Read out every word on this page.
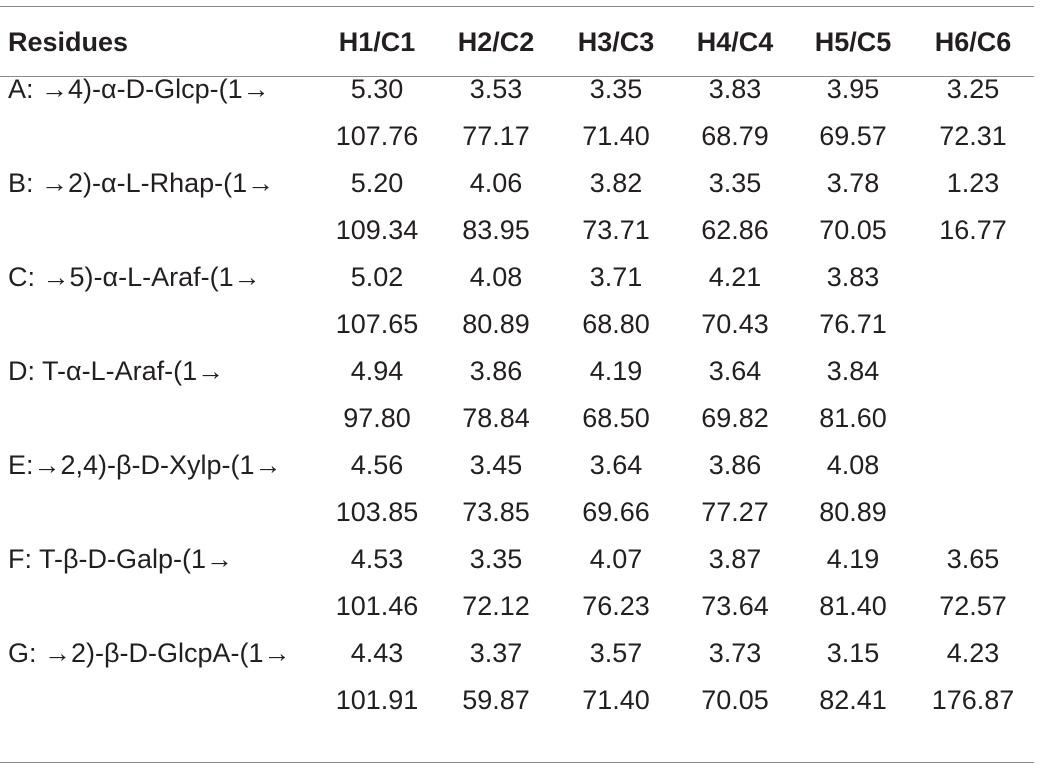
Residues	H1/C1	H2/C2	H3/C3	H4/C4	H5/C5	H6/C6

A: →4)-α-D-Glcp-(1→	5.30	3.53	3.35	3.83	3.95	3.25
	107.76	77.17	71.40	68.79	69.57	72.31
B: →2)-α-L-Rhap-(1→	5.20	4.06	3.82	3.35	3.78	1.23
	109.34	83.95	73.71	62.86	70.05	16.77
C: →5)-α-L-Araf-(1→	5.02	4.08	3.71	4.21	3.83	
	107.65	80.89	68.80	70.43	76.71	
D: T-α-L-Araf-(1→	4.94	3.86	4.19	3.64	3.84	
	97.80	78.84	68.50	69.82	81.60	
E:→2,4)-β-D-Xylp-(1→	4.56	3.45	3.64	3.86	4.08	
	103.85	73.85	69.66	77.27	80.89	
F: T-β-D-Galp-(1→	4.53	3.35	4.07	3.87	4.19	3.65
	101.46	72.12	76.23	73.64	81.40	72.57
G: →2)-β-D-GlcpA-(1→	4.43	3.37	3.57	3.73	3.15	4.23
	101.91	59.87	71.40	70.05	82.41	176.87
